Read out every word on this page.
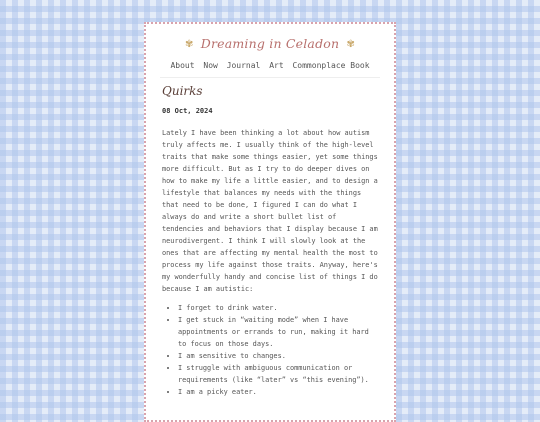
✾ Dreaming in Celadon ✾
About Now Journal Art Commonplace Book
Quirks
08 Oct, 2024
Lately I have been thinking a lot about how autism truly affects me. I usually think of the high-level traits that make some things easier, yet some things more difficult. But as I try to do deeper dives on how to make my life a little easier, and to design a lifestyle that balances my needs with the things that need to be done, I figured I can do what I always do and write a short bullet list of tendencies and behaviors that I display because I am neurodivergent. I think I will slowly look at the ones that are affecting my mental health the most to process my life against those traits. Anyway, here's my wonderfully handy and concise list of things I do because I am autistic:
• I forget to drink water.
• I get stuck in “waiting mode” when I have appointments or errands to run, making it hard to focus on those days.
• I am sensitive to changes.
• I struggle with ambiguous communication or requirements (like “later” vs “this evening”).
• I am a picky eater.
